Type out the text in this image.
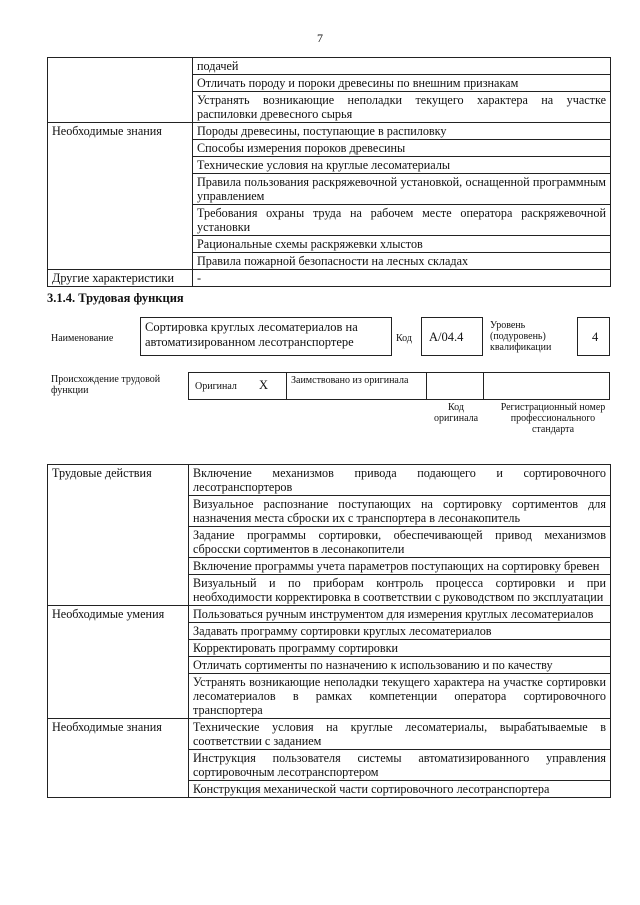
7
	подачей
	Отличать породу и пороки древесины по внешним признакам
	Устранять возникающие неполадки текущего характера на участке распиловки древесного сырья
Необходимые знания	Породы древесины, поступающие в распиловку
	Способы измерения пороков древесины
	Технические условия на круглые лесоматериалы
	Правила пользования раскряжевочной установкой, оснащенной программным управлением
	Требования охраны труда на рабочем месте оператора раскряжевочной установки
	Рациональные схемы раскряжевки хлыстов
	Правила пожарной безопасности на лесных складах
Другие характеристики	-
3.1.4. Трудовая функция
Наименование
Сортировка круглых лесоматериалов на автоматизированном лесотранспортере	Код	A/04.4
Уровень (подуровень) квалификации
4
Происхождение трудовой функции	Оригинал X Заимствовано из оригинала
Код оригинала
Регистрационный номер профессионального стандарта
Трудовые действия	Включение механизмов привода подающего и сортировочного лесотранспортеров
	Визуальное распознание поступающих на сортировку сортиментов для назначения места сброски их с транспортера в лесонакопитель
	Задание программы сортировки, обеспечивающей привод механизмов сбросски сортиментов в лесонакопители
	Включение программы учета параметров поступающих на сортировку бревен
	Визуальный и по приборам контроль процесса сортировки и при необходимости корректировка в соответствии с руководством по эксплуатации
Необходимые умения	Пользоваться ручным инструментом для измерения круглых лесоматериалов
	Задавать программу сортировки круглых лесоматериалов
	Корректировать программу сортировки
	Отличать сортименты по назначению к использованию и по качеству
	Устранять возникающие неполадки текущего характера на участке сортировки лесоматериалов в рамках компетенции оператора сортировочного транспортера
Необходимые знания	Технические условия на круглые лесоматериалы, вырабатываемые в соответствии с заданием
	Инструкция пользователя системы автоматизированного управления сортировочным лесотранспортером
	Конструкция механической части сортировочного лесотранспортера
